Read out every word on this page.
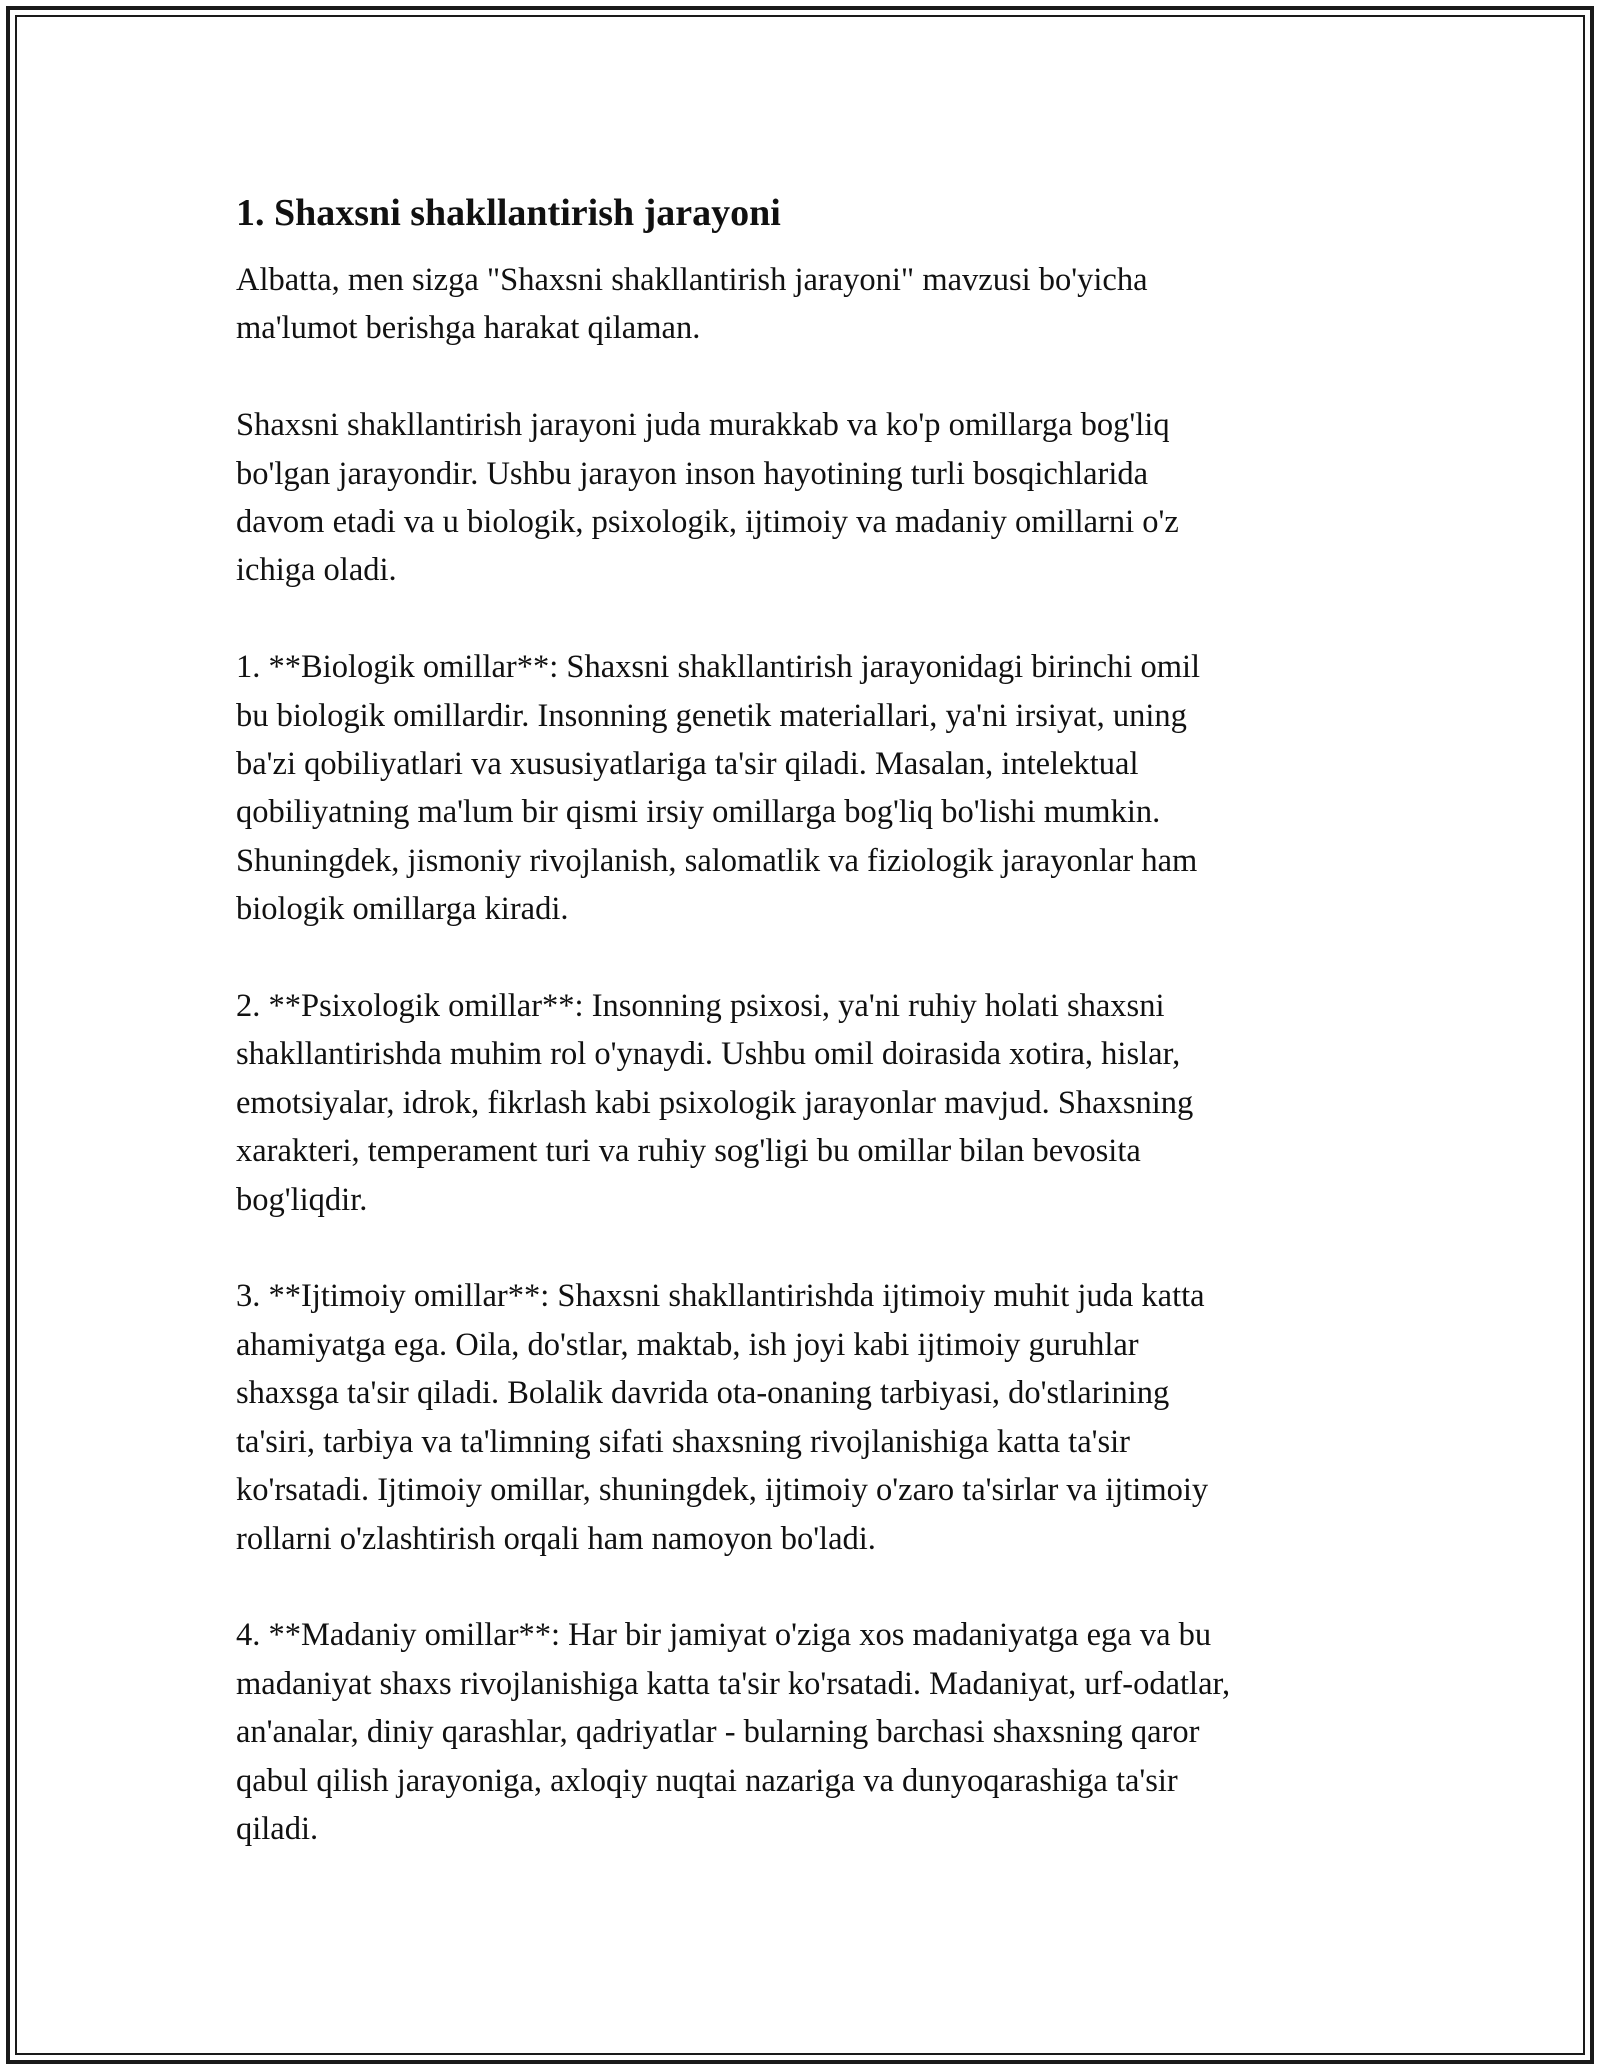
1. Shaxsni shakllantirish jarayoni

Albatta, men sizga "Shaxsni shakllantirish jarayoni" mavzusi bo'yicha
ma'lumot berishga harakat qilaman.

Shaxsni shakllantirish jarayoni juda murakkab va ko'p omillarga bog'liq
bo'lgan jarayondir. Ushbu jarayon inson hayotining turli bosqichlarida
davom etadi va u biologik, psixologik, ijtimoiy va madaniy omillarni o'z
ichiga oladi.

1. **Biologik omillar**: Shaxsni shakllantirish jarayonidagi birinchi omil
bu biologik omillardir. Insonning genetik materiallari, ya'ni irsiyat, uning
ba'zi qobiliyatlari va xususiyatlariga ta'sir qiladi. Masalan, intelektual
qobiliyatning ma'lum bir qismi irsiy omillarga bog'liq bo'lishi mumkin.
Shuningdek, jismoniy rivojlanish, salomatlik va fiziologik jarayonlar ham
biologik omillarga kiradi.

2. **Psixologik omillar**: Insonning psixosi, ya'ni ruhiy holati shaxsni
shakllantirishda muhim rol o'ynaydi. Ushbu omil doirasida xotira, hislar,
emotsiyalar, idrok, fikrlash kabi psixologik jarayonlar mavjud. Shaxsning
xarakteri, temperament turi va ruhiy sog'ligi bu omillar bilan bevosita
bog'liqdir.

3. **Ijtimoiy omillar**: Shaxsni shakllantirishda ijtimoiy muhit juda katta
ahamiyatga ega. Oila, do'stlar, maktab, ish joyi kabi ijtimoiy guruhlar
shaxsga ta'sir qiladi. Bolalik davrida ota-onaning tarbiyasi, do'stlarining
ta'siri, tarbiya va ta'limning sifati shaxsning rivojlanishiga katta ta'sir
ko'rsatadi. Ijtimoiy omillar, shuningdek, ijtimoiy o'zaro ta'sirlar va ijtimoiy
rollarni o'zlashtirish orqali ham namoyon bo'ladi.

4. **Madaniy omillar**: Har bir jamiyat o'ziga xos madaniyatga ega va bu
madaniyat shaxs rivojlanishiga katta ta'sir ko'rsatadi. Madaniyat, urf-odatlar,
an'analar, diniy qarashlar, qadriyatlar - bularning barchasi shaxsning qaror
qabul qilish jarayoniga, axloqiy nuqtai nazariga va dunyoqarashiga ta'sir
qiladi.
